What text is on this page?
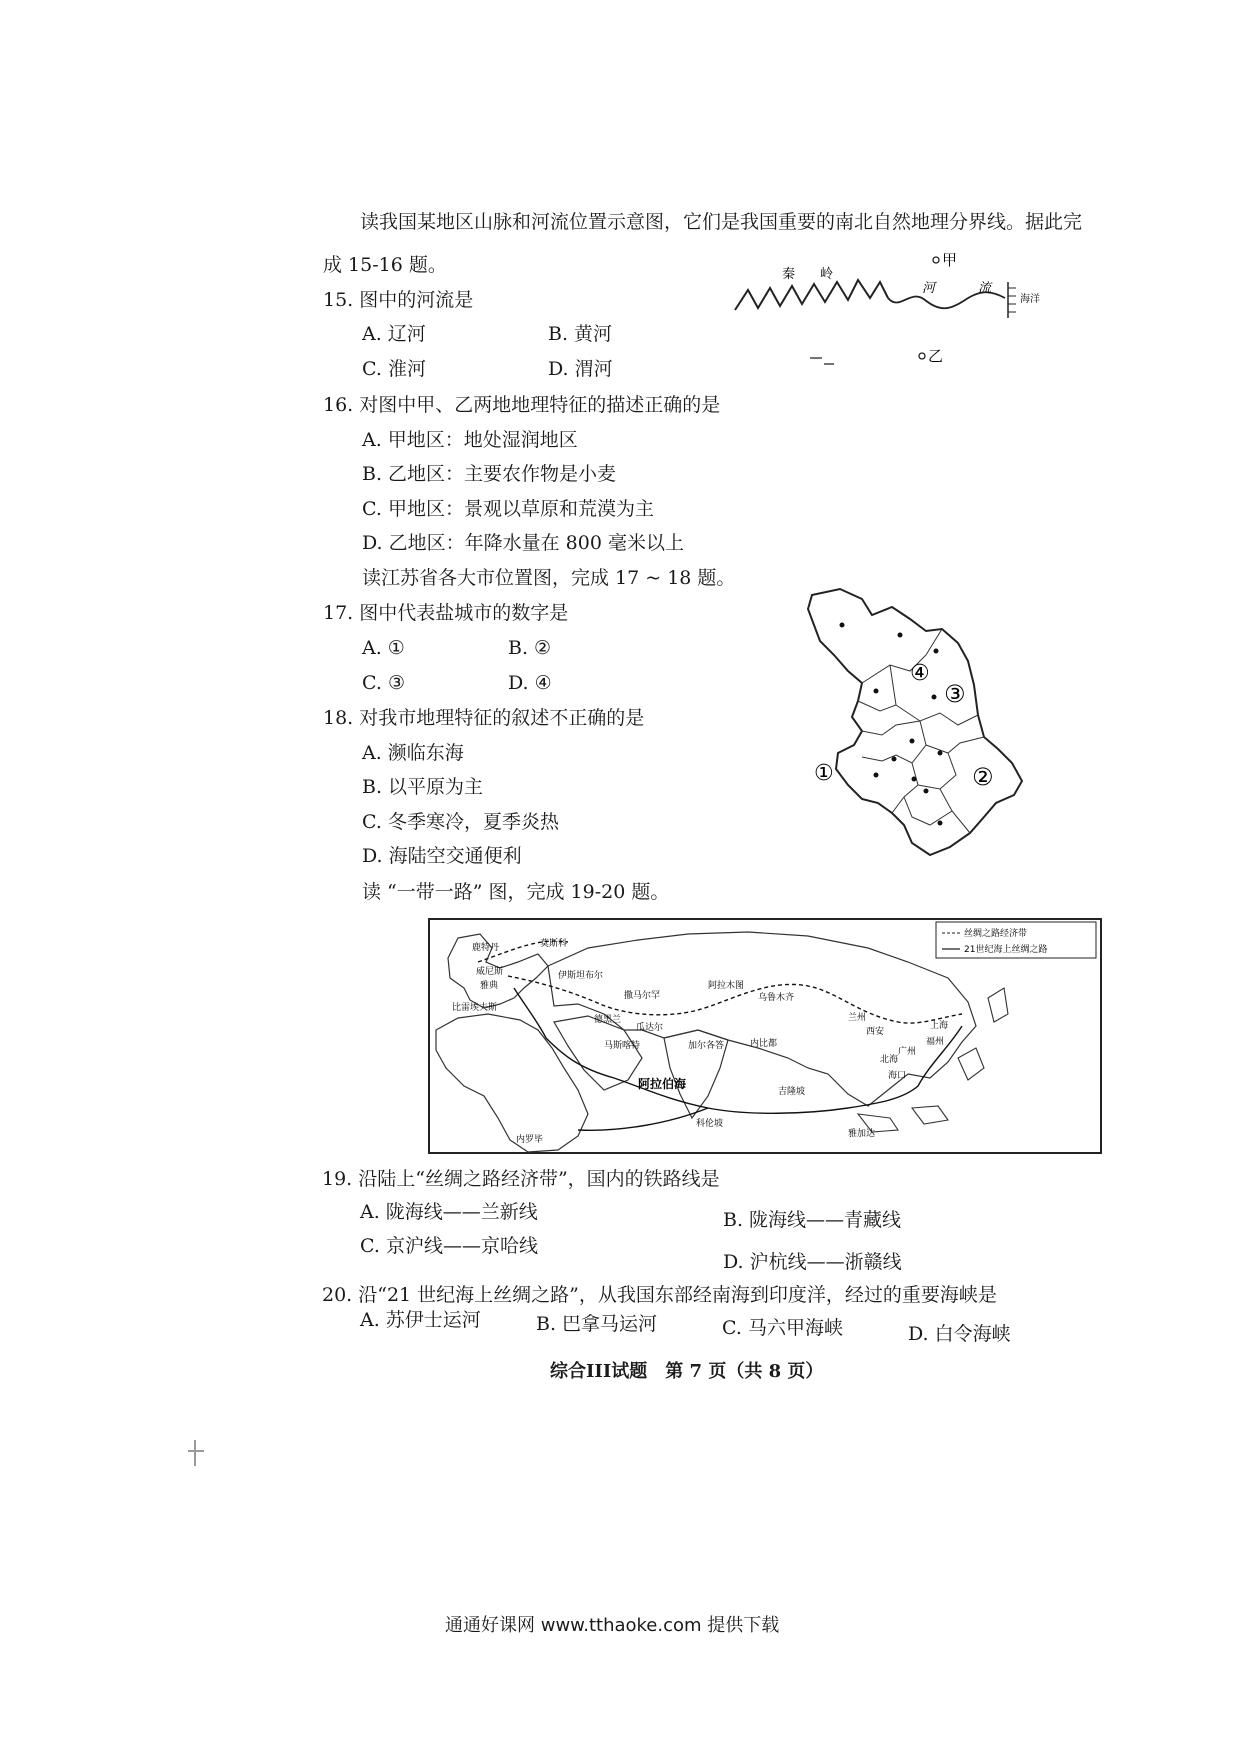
读我国某地区山脉和河流位置示意图，它们是我国重要的南北自然地理分界线。据此完
成 15-16 题。
15. 图中的河流是
A. 辽河	B. 黄河
C. 淮河	D. 渭河
秦 岭
河	流
海洋
甲
乙
16. 对图中甲、乙两地地理特征的描述正确的是
A. 甲地区：地处湿润地区
B. 乙地区：主要农作物是小麦
C. 甲地区：景观以草原和荒漠为主
D. 乙地区：年降水量在 800 毫米以上
读江苏省各大市位置图，完成 17 ~ 18 题。
17. 图中代表盐城市的数字是
A. ①	B. ②
C. ③	D. ④
①	②
③
④
18. 对我市地理特征的叙述不正确的是
A. 濒临东海
B. 以平原为主
C. 冬季寒冷，夏季炎热
D. 海陆空交通便利
读 “一带一路” 图，完成 19-20 题。
丝绸之路经济带
21世纪海上丝绸之路
鹿特丹	莫斯科
伊斯坦布尔
威尼斯
雅典
撒马尔罕
阿拉木图
乌鲁木齐
德黑兰
瓜达尔
马斯喀特	加尔各答
科伦坡
阿拉伯海
内罗毕
兰州
西安
上海
福州
广州
北海
海口
内比都
雅加达
吉隆坡
比雷埃夫斯
19. 沿陆上“丝绸之路经济带”，国内的铁路线是
A. 陇海线——兰新线	B. 陇海线——青藏线
C. 京沪线——京哈线
D. 沪杭线——浙赣线
20. 沿“21 世纪海上丝绸之路”，从我国东部经南海到印度洋，经过的重要海峡是
A. 苏伊士运河	B. 巴拿马运河	C. 马六甲海峡	D. 白令海峡
综合III试题　第 7 页（共 8 页）
通通好课网 www.tthaoke.com 提供下载
